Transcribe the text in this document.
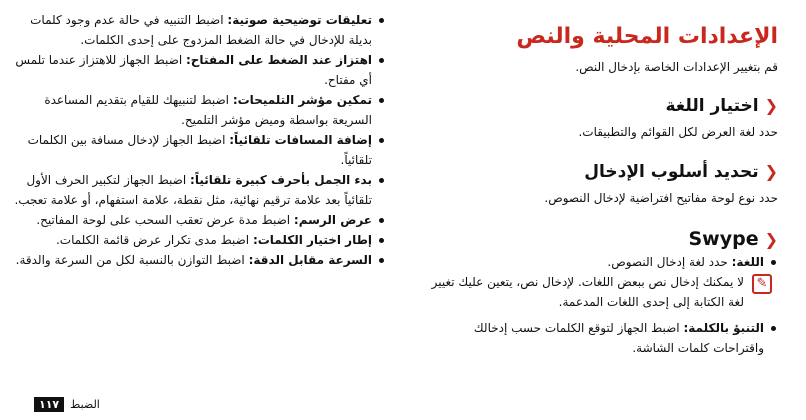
الإعدادات المحلية والنص

قم بتغيير الإعدادات الخاصة بإدخال النص.

❮اختيار اللغة

حدد لغة العرض لكل القوائم والتطبيقات.

❮تحديد أسلوب الإدخال

حدد نوع لوحة مفاتيح افتراضية لإدخال النصوص.

❮Swype
اللغة: حدد لغة إدخال النصوص.
✎
لا يمكنك إدخال نص ببعض اللغات. لإدخال نص، يتعين عليك تغيير لغة الكتابة إلى إحدى اللغات المدعمة.
التنبؤ بالكلمة: اضبط الجهاز لتوقع الكلمات حسب إدخالك واقتراحات كلمات الشاشة.
تعليقات توضيحية صوتية: اضبط التنبيه في حالة عدم وجود كلمات بديلة للإدخال في حالة الضغط المزدوج على إحدى الكلمات.
اهتزاز عند الضغط على المفتاح: اضبط الجهاز للاهتزاز عندما تلمس أي مفتاح.
تمكين مؤشر التلميحات: اضبط لتنبيهك للقيام بتقديم المساعدة السريعة بواسطة وميض مؤشر التلميح.
إضافة المسافات تلقائياً: اضبط الجهاز لإدخال مسافة بين الكلمات تلقائياً.
بدء الجمل بأحرف كبيرة تلقائياً: اضبط الجهاز لتكبير الحرف الأول تلقائياً بعد علامة ترقيم نهائية، مثل نقطة، علامة استفهام، أو علامة تعجب.
عرض الرسم: اضبط مدة عرض تعقب السحب على لوحة المفاتيح.
إطار اختيار الكلمات: اضبط مدى تكرار عرض قائمة الكلمات.
السرعة مقابل الدقة: اضبط التوازن بالنسبة لكل من السرعة والدقة.
الضبط
١١٧
